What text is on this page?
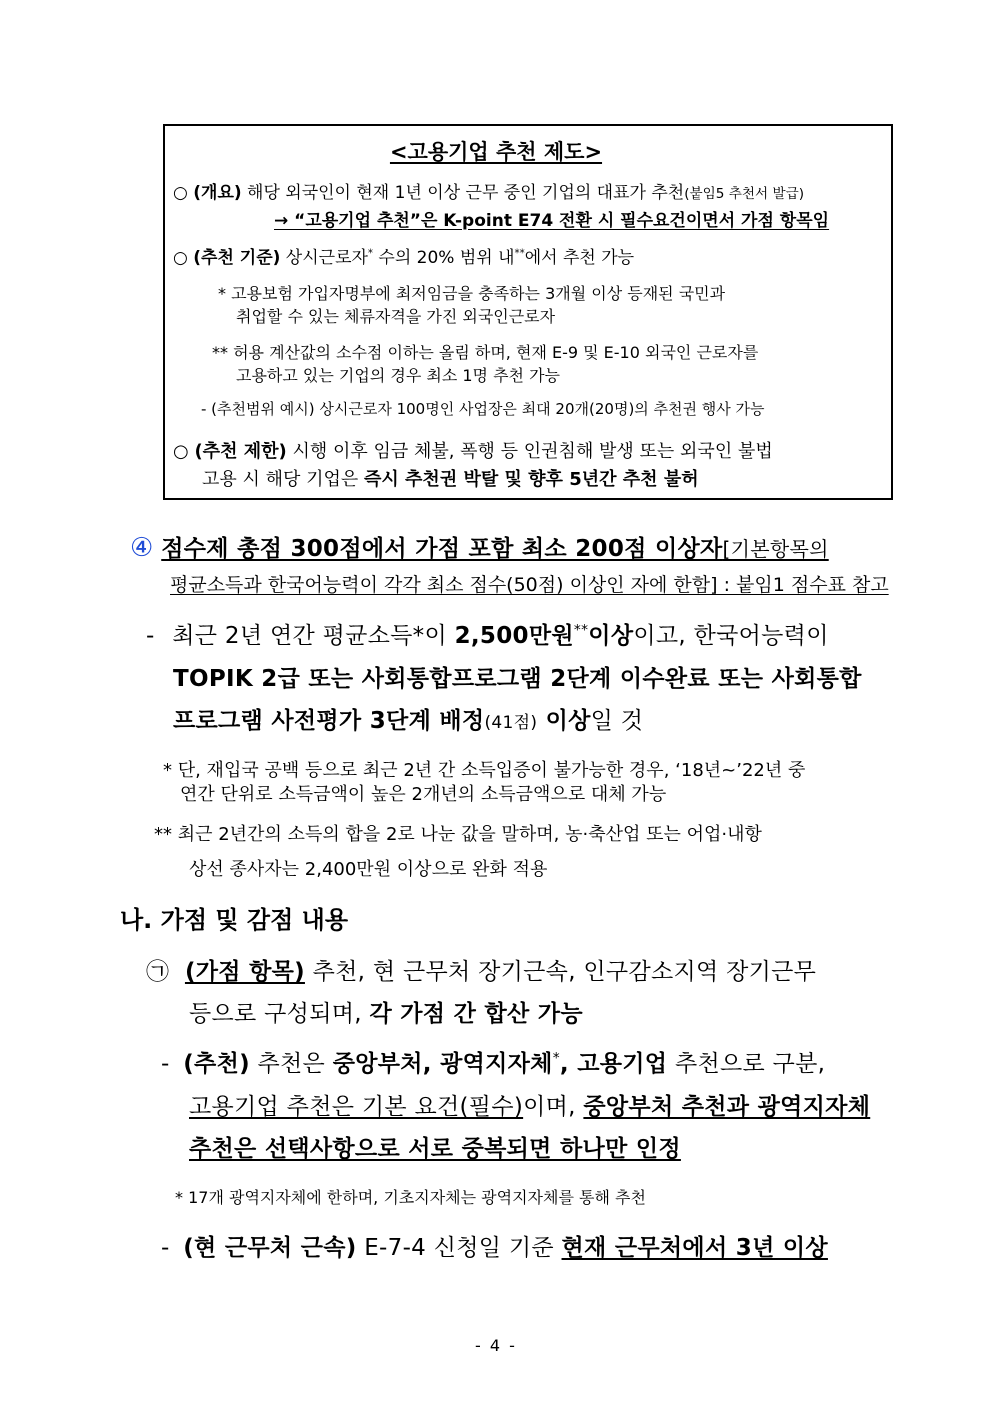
<고용기업 추천 제도>
○ (개요) 해당 외국인이 현재 1년 이상 근무 중인 기업의 대표가 추천(붙임5 추천서 발급)
→ “고용기업 추천”은 K-point E74 전환 시 필수요건이면서 가점 항목임
○ (추천 기준) 상시근로자* 수의 20% 범위 내**에서 추천 가능
* 고용보험 가입자명부에 최저임금을 충족하는 3개월 이상 등재된 국민과
취업할 수 있는 체류자격을 가진 외국인근로자
** 허용 계산값의 소수점 이하는 올림 하며, 현재 E-9 및 E-10 외국인 근로자를
고용하고 있는 기업의 경우 최소 1명 추천 가능
- (추천범위 예시) 상시근로자 100명인 사업장은 최대 20개(20명)의 추천권 행사 가능
○ (추천 제한) 시행 이후 임금 체불, 폭행 등 인권침해 발생 또는 외국인 불법
고용 시 해당 기업은 즉시 추천권 박탈 및 향후 5년간 추천 불허
④ 점수제 총점 300점에서 가점 포함 최소 200점 이상자[기본항목의
평균소득과 한국어능력이 각각 최소 점수(50점) 이상인 자에 한함] : 붙임1 점수표 참고
- 최근 2년 연간 평균소득*이 2,500만원**이상이고, 한국어능력이
TOPIK 2급 또는 사회통합프로그램 2단계 이수완료 또는 사회통합
프로그램 사전평가 3단계 배정(41점) 이상일 것
* 단, 재입국 공백 등으로 최근 2년 간 소득입증이 불가능한 경우, ‘18년~’22년 중
연간 단위로 소득금액이 높은 2개년의 소득금액으로 대체 가능
** 최근 2년간의 소득의 합을 2로 나눈 값을 말하며, 농·축산업 또는 어업·내항
상선 종사자는 2,400만원 이상으로 완화 적용
나. 가점 및 감점 내용
㉠ (가점 항목) 추천, 현 근무처 장기근속, 인구감소지역 장기근무
등으로 구성되며, 각 가점 간 합산 가능
- (추천) 추천은 중앙부처, 광역지자체*, 고용기업 추천으로 구분,
고용기업 추천은 기본 요건(필수)이며, 중앙부처 추천과 광역지자체
추천은 선택사항으로 서로 중복되면 하나만 인정
* 17개 광역지자체에 한하며, 기초지자체는 광역지자체를 통해 추천
- (현 근무처 근속) E-7-4 신청일 기준 현재 근무처에서 3년 이상
- 4 -
